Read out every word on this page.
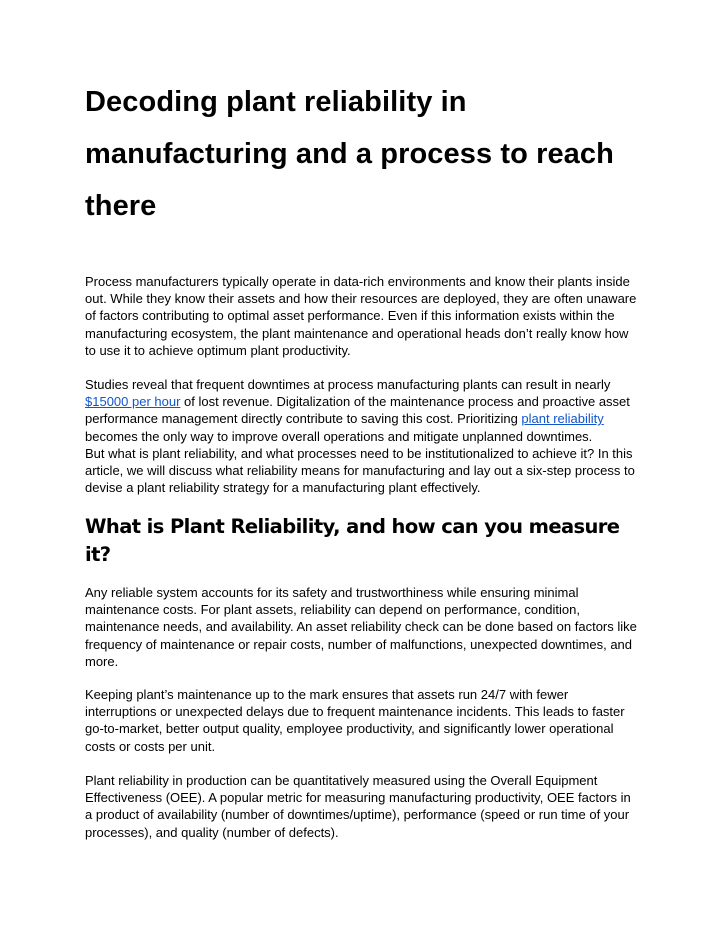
Decoding plant reliability in manufacturing and a process to reach there

Process manufacturers typically operate in data-rich environments and know their plants inside out. While they know their assets and how their resources are deployed, they are often unaware of factors contributing to optimal asset performance. Even if this information exists within the manufacturing ecosystem, the plant maintenance and operational heads don’t really know how to use it to achieve optimum plant productivity.

Studies reveal that frequent downtimes at process manufacturing plants can result in nearly $15000 per hour of lost revenue. Digitalization of the maintenance process and proactive asset performance management directly contribute to saving this cost. Prioritizing plant reliability becomes the only way to improve overall operations and mitigate unplanned downtimes.
But what is plant reliability, and what processes need to be institutionalized to achieve it? In this article, we will discuss what reliability means for manufacturing and lay out a six-step process to devise a plant reliability strategy for a manufacturing plant effectively.

What is Plant Reliability, and how can you measure it?

Any reliable system accounts for its safety and trustworthiness while ensuring minimal maintenance costs. For plant assets, reliability can depend on performance, condition, maintenance needs, and availability. An asset reliability check can be done based on factors like frequency of maintenance or repair costs, number of malfunctions, unexpected downtimes, and more.

Keeping plant’s maintenance up to the mark ensures that assets run 24/7 with fewer interruptions or unexpected delays due to frequent maintenance incidents. This leads to faster go-to-market, better output quality, employee productivity, and significantly lower operational costs or costs per unit.

Plant reliability in production can be quantitatively measured using the Overall Equipment Effectiveness (OEE). A popular metric for measuring manufacturing productivity, OEE factors in a product of availability (number of downtimes/uptime), performance (speed or run time of your processes), and quality (number of defects).
